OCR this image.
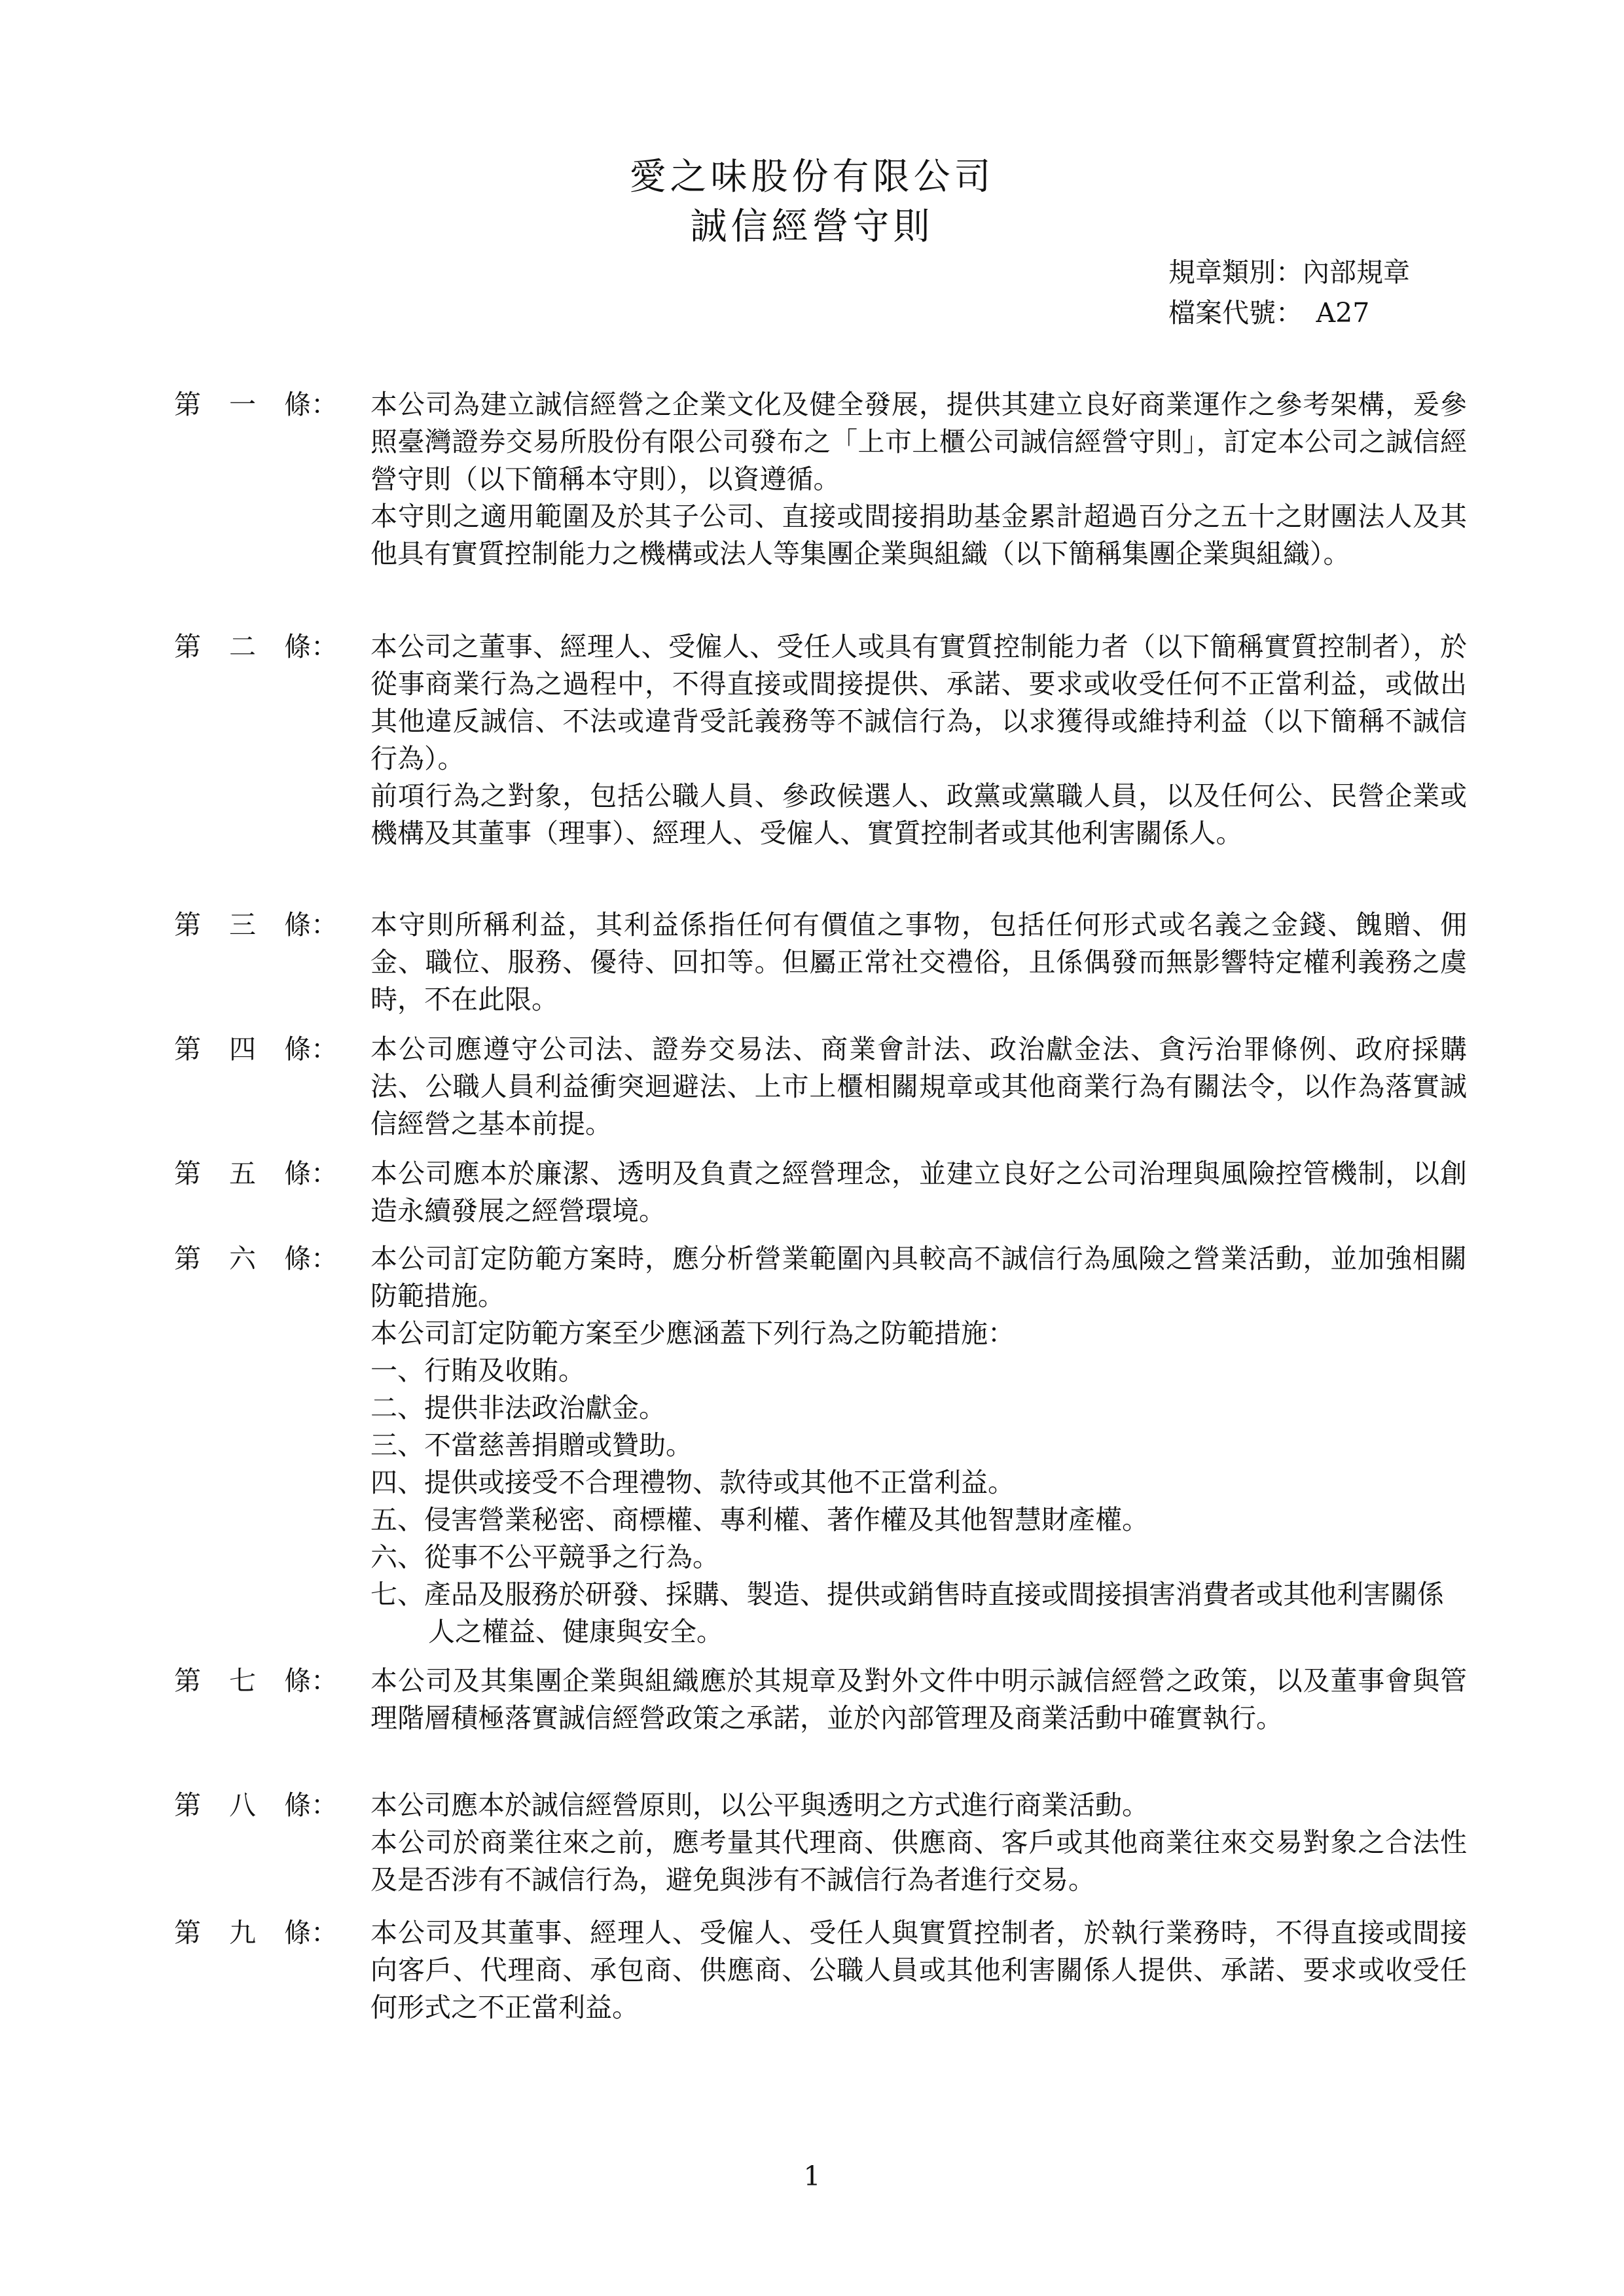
愛之味股份有限公司
誠信經營守則
規章類別：內部規章
檔案代號：　A27
第 一 條：	本公司為建立誠信經營之企業文化及健全發展，提供其建立良好商業運作之參考架構，爰參照臺灣證券交易所股份有限公司發布之「上市上櫃公司誠信經營守則」，訂定本公司之誠信經營守則（以下簡稱本守則），以資遵循。

本守則之適用範圍及於其子公司、直接或間接捐助基金累計超過百分之五十之財團法人及其他具有實質控制能力之機構或法人等集團企業與組織（以下簡稱集團企業與組織）。

第 二 條：	本公司之董事、經理人、受僱人、受任人或具有實質控制能力者（以下簡稱實質控制者），於從事商業行為之過程中，不得直接或間接提供、承諾、要求或收受任何不正當利益，或做出其他違反誠信、不法或違背受託義務等不誠信行為，以求獲得或維持利益（以下簡稱不誠信行為）。

前項行為之對象，包括公職人員、參政候選人、政黨或黨職人員，以及任何公、民營企業或機構及其董事（理事）、經理人、受僱人、實質控制者或其他利害關係人。

第 三 條：	本守則所稱利益，其利益係指任何有價值之事物，包括任何形式或名義之金錢、餽贈、佣金、職位、服務、優待、回扣等。但屬正常社交禮俗，且係偶發而無影響特定權利義務之虞時，不在此限。

第 四 條：	本公司應遵守公司法、證券交易法、商業會計法、政治獻金法、貪污治罪條例、政府採購法、公職人員利益衝突迴避法、上市上櫃相關規章或其他商業行為有關法令，以作為落實誠信經營之基本前提。

第 五 條：	本公司應本於廉潔、透明及負責之經營理念，並建立良好之公司治理與風險控管機制，以創造永續發展之經營環境。

第 六 條：	本公司訂定防範方案時，應分析營業範圍內具較高不誠信行為風險之營業活動，並加強相關防範措施。

本公司訂定防範方案至少應涵蓋下列行為之防範措施：

一、行賄及收賄。

二、提供非法政治獻金。

三、不當慈善捐贈或贊助。

四、提供或接受不合理禮物、款待或其他不正當利益。

五、侵害營業秘密、商標權、專利權、著作權及其他智慧財產權。

六、從事不公平競爭之行為。

七、產品及服務於研發、採購、製造、提供或銷售時直接或間接損害消費者或其他利害關係人之權益、健康與安全。

第 七 條：	本公司及其集團企業與組織應於其規章及對外文件中明示誠信經營之政策，以及董事會與管理階層積極落實誠信經營政策之承諾，並於內部管理及商業活動中確實執行。

第 八 條：	本公司應本於誠信經營原則，以公平與透明之方式進行商業活動。

本公司於商業往來之前，應考量其代理商、供應商、客戶或其他商業往來交易對象之合法性及是否涉有不誠信行為，避免與涉有不誠信行為者進行交易。

第 九 條：	本公司及其董事、經理人、受僱人、受任人與實質控制者，於執行業務時，不得直接或間接向客戶、代理商、承包商、供應商、公職人員或其他利害關係人提供、承諾、要求或收受任何形式之不正當利益。

1
